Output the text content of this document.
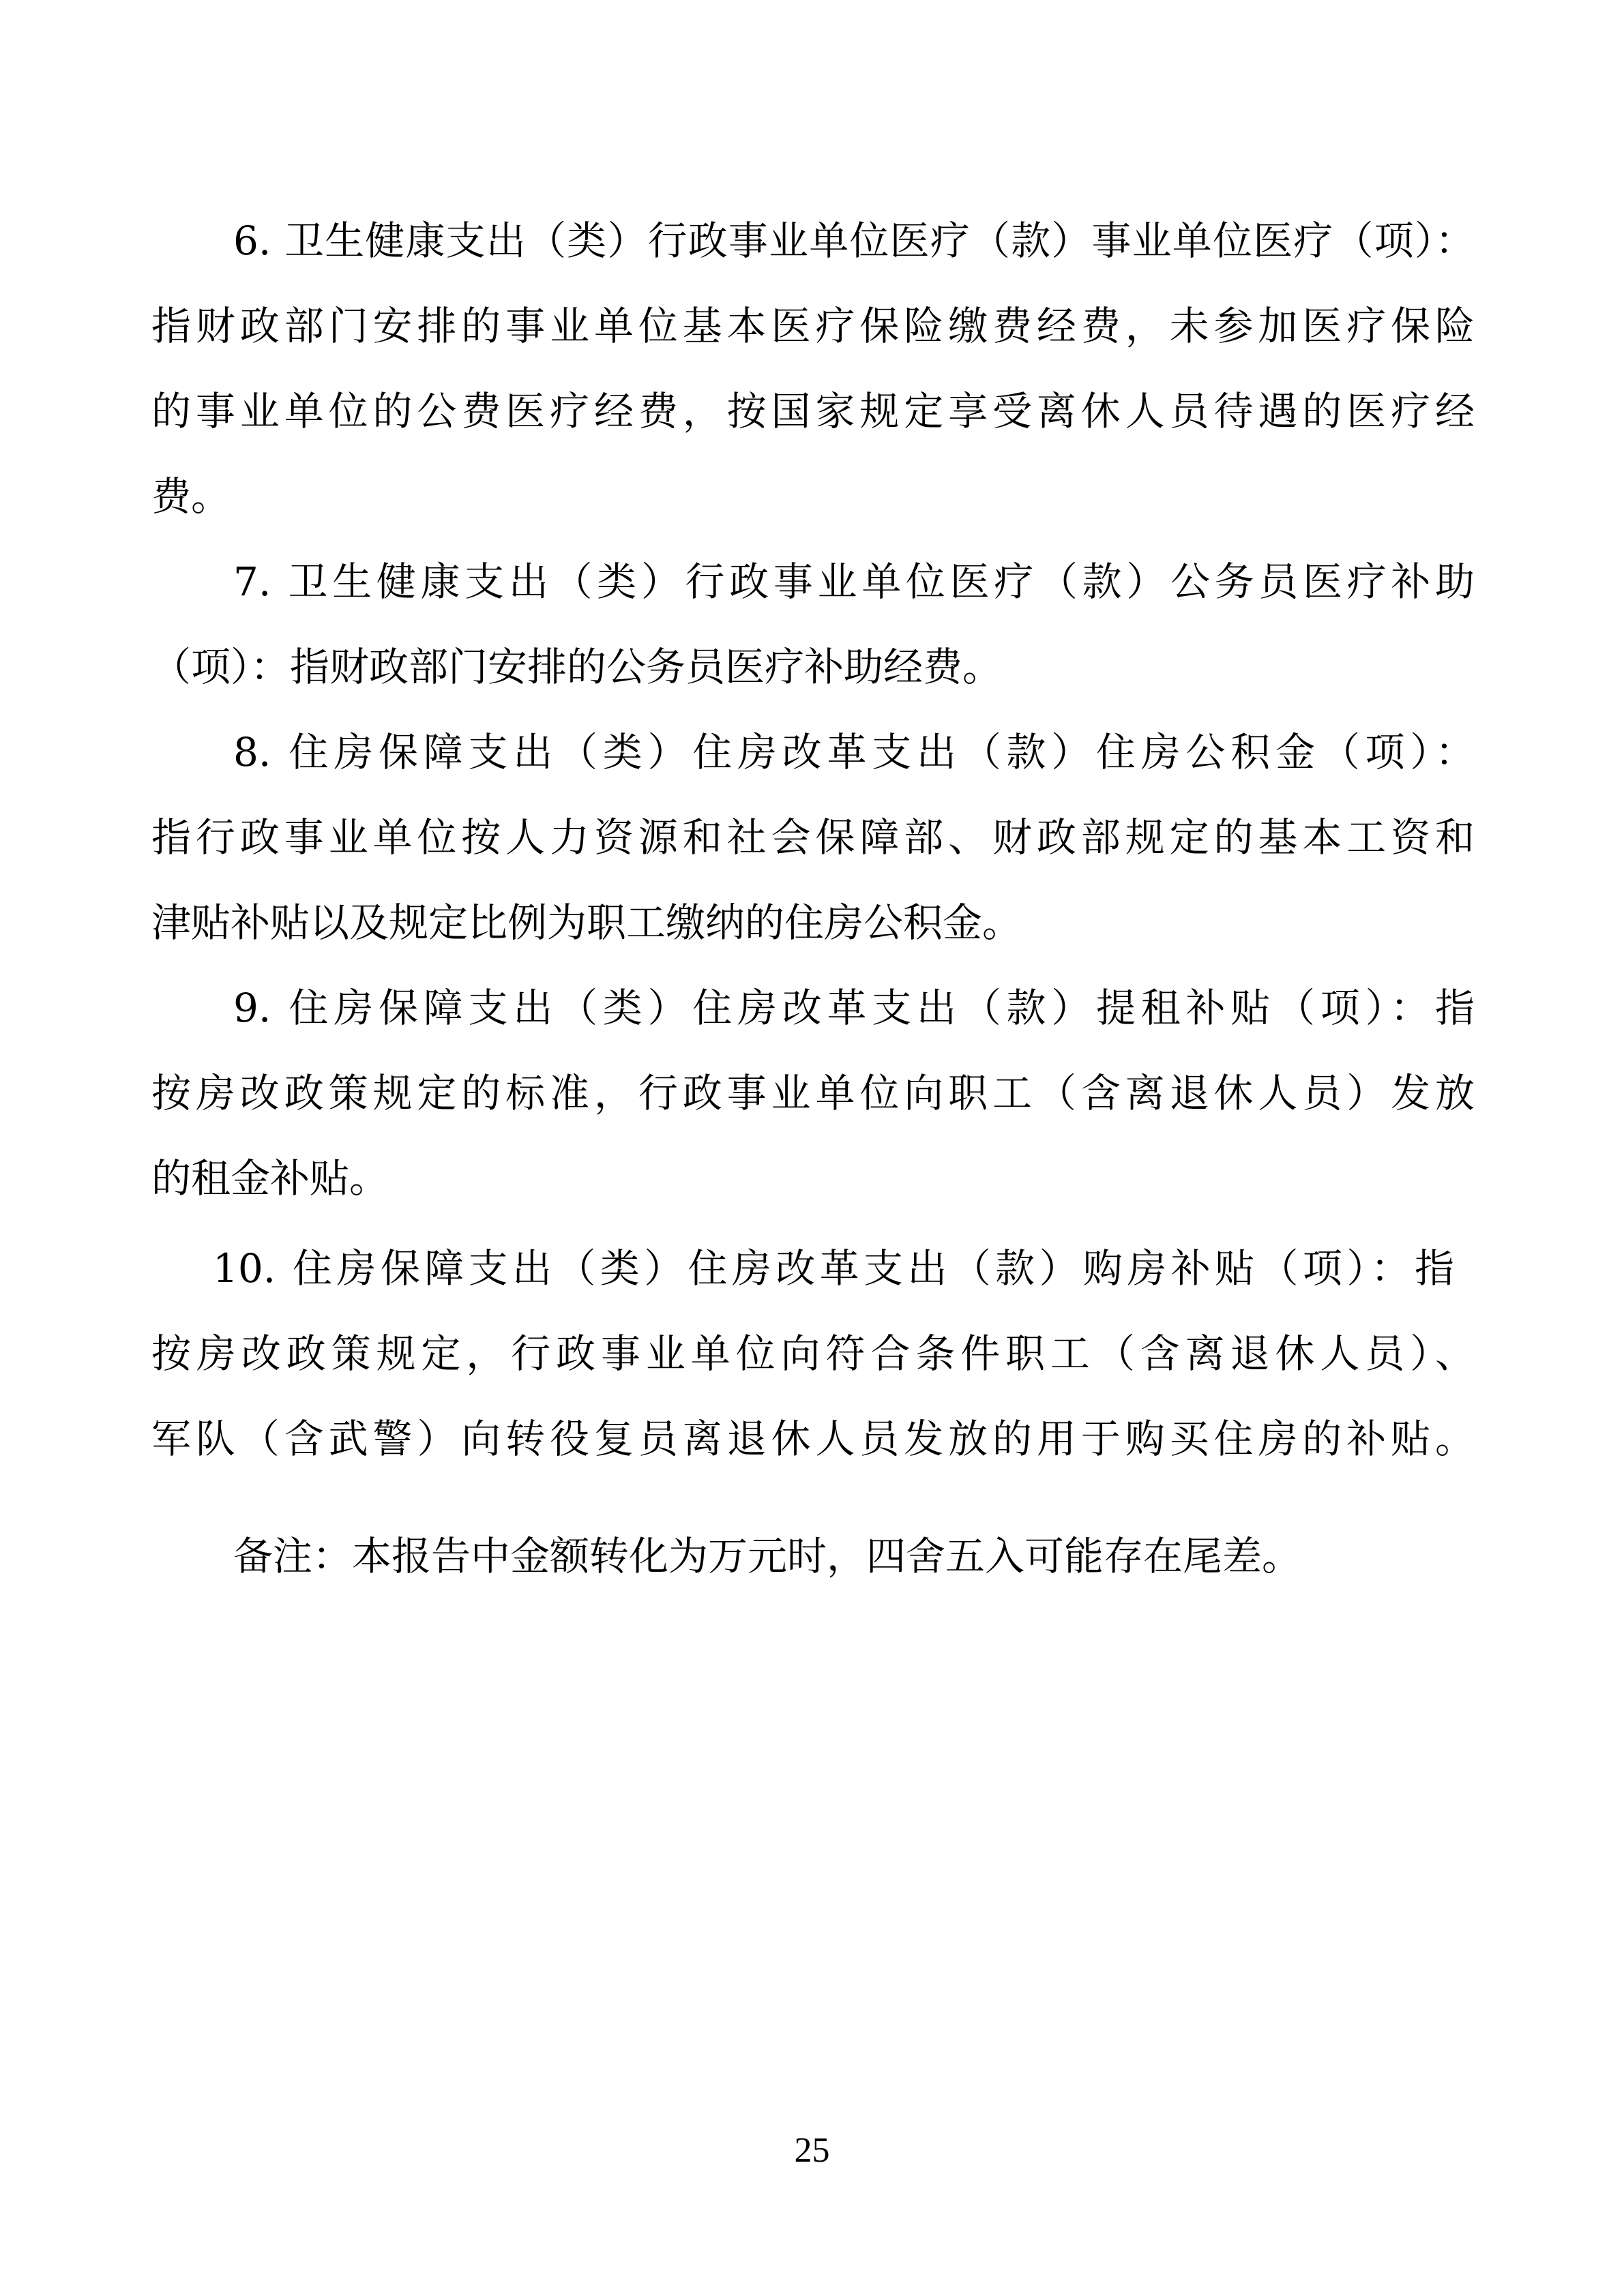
6. 卫生健康支出（类）行政事业单位医疗（款）事业单位医疗（项）：
指财政部门安排的事业单位基本医疗保险缴费经费，未参加医疗保险
的事业单位的公费医疗经费，按国家规定享受离休人员待遇的医疗经
费。
7. 卫生健康支出（类）行政事业单位医疗（款）公务员医疗补助
（项）：指财政部门安排的公务员医疗补助经费。
8. 住房保障支出（类）住房改革支出（款）住房公积金（项）：
指行政事业单位按人力资源和社会保障部、财政部规定的基本工资和
津贴补贴以及规定比例为职工缴纳的住房公积金。
9. 住房保障支出（类）住房改革支出（款）提租补贴（项）：指
按房改政策规定的标准，行政事业单位向职工（含离退休人员）发放
的租金补贴。
10. 住房保障支出（类）住房改革支出（款）购房补贴（项）：指
按房改政策规定，行政事业单位向符合条件职工（含离退休人员）、
军队（含武警）向转役复员离退休人员发放的用于购买住房的补贴。
备注：本报告中金额转化为万元时，四舍五入可能存在尾差。
25
